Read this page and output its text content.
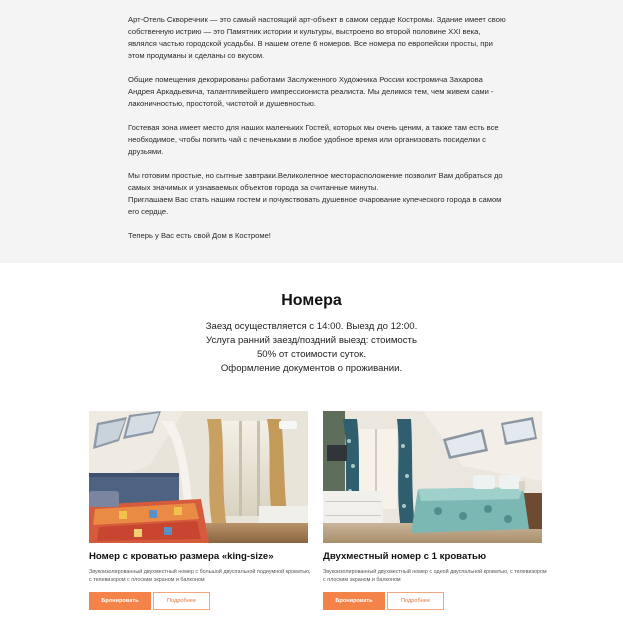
Арт-Отель Скворечник — это самый настоящий арт-объект в самом сердце Костромы. Здание имеет свою собственную истрию — это Памятник истории и культуры, выстроено во второй половине XXI века, являлся частью городской усадьбы. В нашем отеле 6 номеров. Все номера по европейски просты, при этом продуманы и сделаны со вкусом.

Общие помещения декорированы работами Заслуженного Художника России костромича Захарова Андрея Аркадьевича, талантливейшего импрессиониста реалиста. Мы делимся тем, чем живем сами - лаконичностью, простотой, чистотой и душевностью.

Гостевая зона имеет место для наших маленьких Гостей, которых мы очень ценим, а также там есть все необходимое, чтобы попить чай с печеньками в любое удобное время или организовать посиделки с друзьями.

Мы готовим простые, но сытные завтраки.Великолепное месторасположение позволит Вам добраться до самых значимых и узнаваемых объектов города за считанные минуты.

Приглашаем Вас стать нашим гостем и почувствовать душевное очарование купеческого города в самом его сердце.

Теперь у Вас есть свой Дом в Костроме!

Номера
Заезд осуществляется с 14:00. Выезд до 12:00.
Услуга ранний заезд/поздний выезд: стоимость
50% от стоимости суток.
Оформление документов о проживании.
Номер с кроватью размера «king-size»
Звукоизолированный двухместный номер с большой двуспальной подиумной кроватью, с телевизором с плоским экраном и балконом
Бронировать	Подробнее
Двухместный номер с 1 кроватью
Звукоизолированный двухместный номер с одной двуспальной кроватью, с телевизором с плоским экраном и балконом
Бронировать	Подробнее
